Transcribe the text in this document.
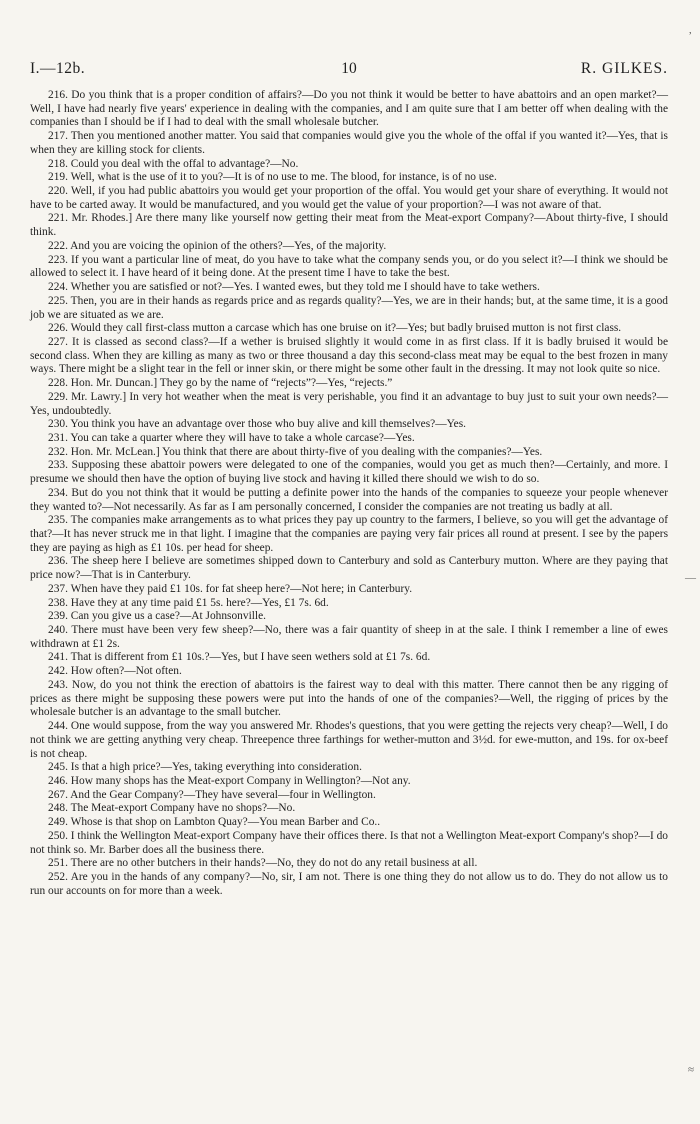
I.—12b.	10	R. GILKES.

216. Do you think that is a proper condition of affairs?—Do you not think it would be better to have abattoirs and an open market?—Well, I have had nearly five years' experience in dealing with the companies, and I am quite sure that I am better off when dealing with the companies than I should be if I had to deal with the small wholesale butcher.

217. Then you mentioned another matter. You said that companies would give you the whole of the offal if you wanted it?—Yes, that is when they are killing stock for clients.

218. Could you deal with the offal to advantage?—No.

219. Well, what is the use of it to you?—It is of no use to me. The blood, for instance, is of no use.

220. Well, if you had public abattoirs you would get your proportion of the offal. You would get your share of everything. It would not have to be carted away. It would be manufactured, and you would get the value of your proportion?—I was not aware of that.

221. Mr. Rhodes.] Are there many like yourself now getting their meat from the Meat-export Company?—About thirty-five, I should think.

222. And you are voicing the opinion of the others?—Yes, of the majority.

223. If you want a particular line of meat, do you have to take what the company sends you, or do you select it?—I think we should be allowed to select it. I have heard of it being done. At the present time I have to take the best.

224. Whether you are satisfied or not?—Yes. I wanted ewes, but they told me I should have to take wethers.

225. Then, you are in their hands as regards price and as regards quality?—Yes, we are in their hands; but, at the same time, it is a good job we are situated as we are.

226. Would they call first-class mutton a carcase which has one bruise on it?—Yes; but badly bruised mutton is not first class.

227. It is classed as second class?—If a wether is bruised slightly it would come in as first class. If it is badly bruised it would be second class. When they are killing as many as two or three thousand a day this second-class meat may be equal to the best frozen in many ways. There might be a slight tear in the fell or inner skin, or there might be some other fault in the dressing. It may not look quite so nice.

228. Hon. Mr. Duncan.] They go by the name of “rejects”?—Yes, “rejects.”

229. Mr. Lawry.] In very hot weather when the meat is very perishable, you find it an advantage to buy just to suit your own needs?—Yes, undoubtedly.

230. You think you have an advantage over those who buy alive and kill themselves?—Yes.

231. You can take a quarter where they will have to take a whole carcase?—Yes.

232. Hon. Mr. McLean.] You think that there are about thirty-five of you dealing with the companies?—Yes.

233. Supposing these abattoir powers were delegated to one of the companies, would you get as much then?—Certainly, and more. I presume we should then have the option of buying live stock and having it killed there should we wish to do so.

234. But do you not think that it would be putting a definite power into the hands of the companies to squeeze your people whenever they wanted to?—Not necessarily. As far as I am personally concerned, I consider the companies are not treating us badly at all.

235. The companies make arrangements as to what prices they pay up country to the farmers, I believe, so you will get the advantage of that?—It has never struck me in that light. I imagine that the companies are paying very fair prices all round at present. I see by the papers they are paying as high as £1 10s. per head for sheep.

236. The sheep here I believe are sometimes shipped down to Canterbury and sold as Canterbury mutton. Where are they paying that price now?—That is in Canterbury.

237. When have they paid £1 10s. for fat sheep here?—Not here; in Canterbury.

238. Have they at any time paid £1 5s. here?—Yes, £1 7s. 6d.

239. Can you give us a case?—At Johnsonville.

240. There must have been very few sheep?—No, there was a fair quantity of sheep in at the sale. I think I remember a line of ewes withdrawn at £1 2s.

241. That is different from £1 10s.?—Yes, but I have seen wethers sold at £1 7s. 6d.

242. How often?—Not often.

243. Now, do you not think the erection of abattoirs is the fairest way to deal with this matter. There cannot then be any rigging of prices as there might be supposing these powers were put into the hands of one of the companies?—Well, the rigging of prices by the wholesale butcher is an advantage to the small butcher.

244. One would suppose, from the way you answered Mr. Rhodes's questions, that you were getting the rejects very cheap?—Well, I do not think we are getting anything very cheap. Threepence three farthings for wether-mutton and 3½d. for ewe-mutton, and 19s. for ox-beef is not cheap.

245. Is that a high price?—Yes, taking everything into consideration.

246. How many shops has the Meat-export Company in Wellington?—Not any.

267. And the Gear Company?—They have several—four in Wellington.

248. The Meat-export Company have no shops?—No.

249. Whose is that shop on Lambton Quay?—You mean Barber and Co..

250. I think the Wellington Meat-export Company have their offices there. Is that not a Wellington Meat-export Company's shop?—I do not think so. Mr. Barber does all the business there.

251. There are no other butchers in their hands?—No, they do not do any retail business at all.

252. Are you in the hands of any company?—No, sir, I am not. There is one thing they do not allow us to do. They do not allow us to run our accounts on for more than a week.

’
—
≈
